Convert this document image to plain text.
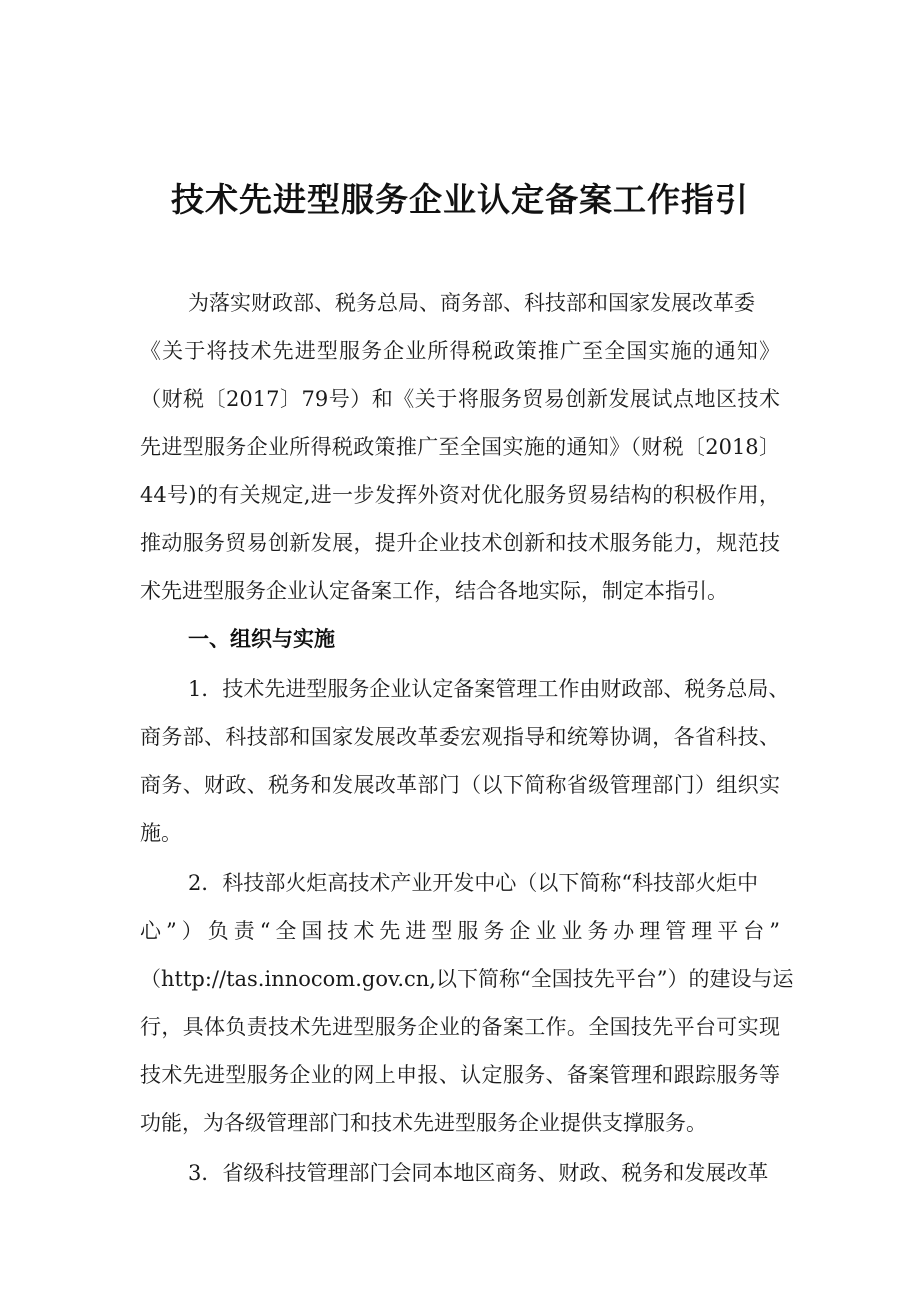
技术先进型服务企业认定备案工作指引
为落实财政部、税务总局、商务部、科技部和国家发展改革委
《关于将技术先进型服务企业所得税政策推广至全国实施的通知》
（财税〔2017〕79号）和《关于将服务贸易创新发展试点地区技术
先进型服务企业所得税政策推广至全国实施的通知》（财税〔2018〕
44号)的有关规定,进一步发挥外资对优化服务贸易结构的积极作用，
推动服务贸易创新发展，提升企业技术创新和技术服务能力，规范技
术先进型服务企业认定备案工作，结合各地实际，制定本指引。
一、组织与实施
1．技术先进型服务企业认定备案管理工作由财政部、税务总局、
商务部、科技部和国家发展改革委宏观指导和统筹协调，各省科技、
商务、财政、税务和发展改革部门（以下简称省级管理部门）组织实
施。
2．科技部火炬高技术产业开发中心（以下简称“科技部火炬中
心”）负责“全国技术先进型服务企业业务办理管理平台”
（http://tas.innocom.gov.cn,以下简称“全国技先平台”）的建设与运
行，具体负责技术先进型服务企业的备案工作。全国技先平台可实现
技术先进型服务企业的网上申报、认定服务、备案管理和跟踪服务等
功能，为各级管理部门和技术先进型服务企业提供支撑服务。
3．省级科技管理部门会同本地区商务、财政、税务和发展改革
